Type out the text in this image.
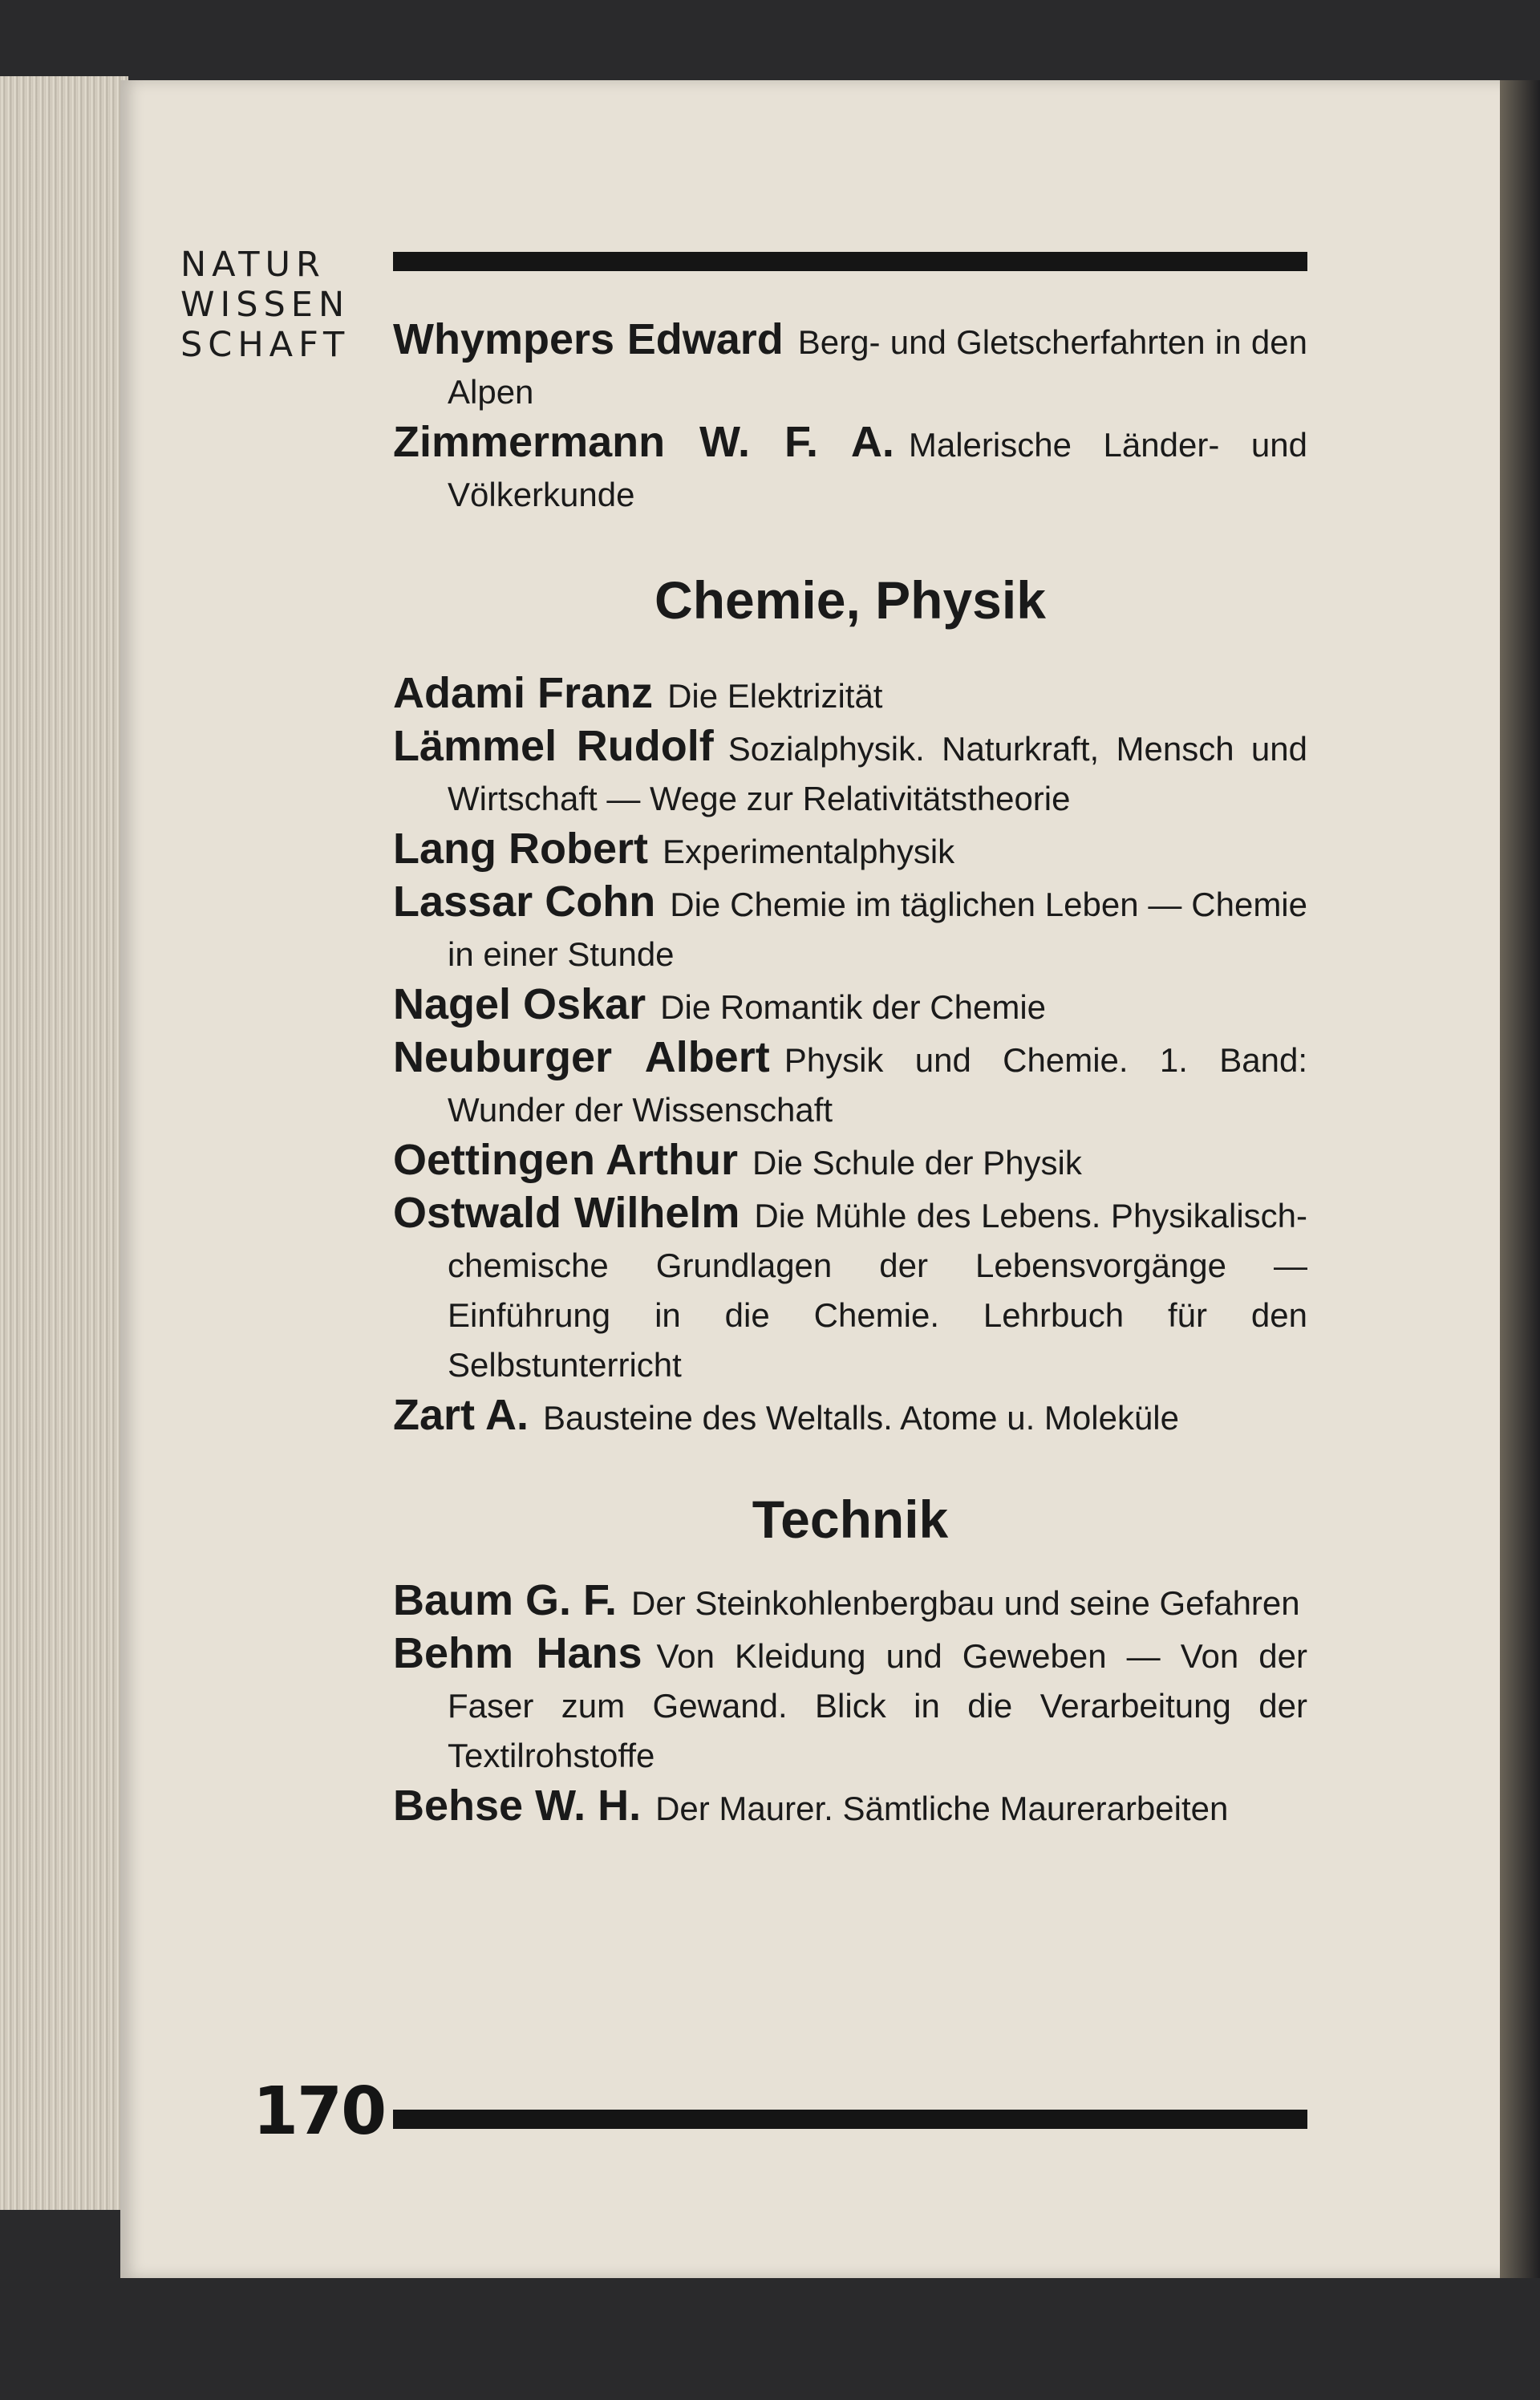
NATUR
WISSEN
SCHAFT Whympers Edward Berg- und Gletscherfahrten in den Alpen
Zimmermann W. F. A. Malerische Länder- und Völkerkunde
Chemie, Physik
Adami Franz Die Elektrizität
Lämmel Rudolf Sozialphysik. Naturkraft, Mensch und Wirtschaft — Wege zur Relativitätstheorie
Lang Robert Experimentalphysik
Lassar Cohn Die Chemie im täglichen Leben — Chemie in einer Stunde
Nagel Oskar Die Romantik der Chemie
Neuburger Albert Physik und Chemie. 1. Band: Wunder der Wissenschaft
Oettingen Arthur Die Schule der Physik
Ostwald Wilhelm Die Mühle des Lebens. Physikalisch-chemische Grundlagen der Lebensvorgänge — Einführung in die Chemie. Lehrbuch für den Selbstunterricht
Zart A. Bausteine des Weltalls. Atome u. Moleküle
Technik
Baum G. F. Der Steinkohlenbergbau und seine Gefahren
Behm Hans Von Kleidung und Geweben — Von der Faser zum Gewand. Blick in die Verarbeitung der Textilrohstoffe
Behse W. H. Der Maurer. Sämtliche Maurerarbeiten
170
